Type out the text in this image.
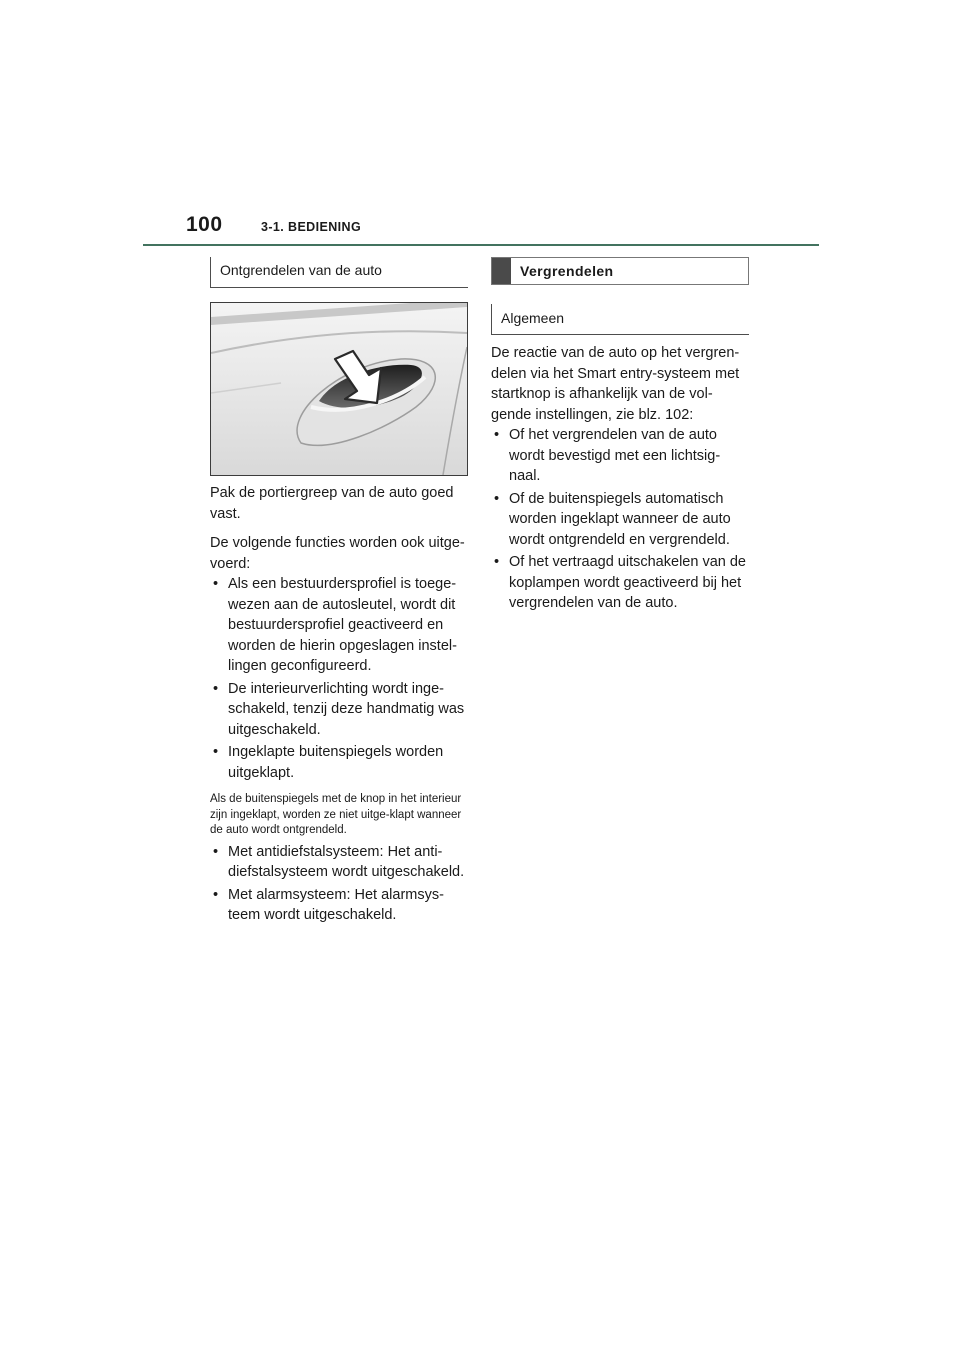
100	3-1. BEDIENING
Ontgrendelen van de auto

Pak de portiergreep van de auto goed vast.

De volgende functies worden ook uitge-voerd:

• Als een bestuurdersprofiel is toege-wezen aan de autosleutel, wordt dit bestuurdersprofiel geactiveerd en worden de hierin opgeslagen instel-lingen geconfigureerd.
• De interieurverlichting wordt inge-schakeld, tenzij deze handmatig was uitgeschakeld.
• Ingeklapte buitenspiegels worden uitgeklapt.

Als de buitenspiegels met de knop in het interieur zijn ingeklapt, worden ze niet uitge-klapt wanneer de auto wordt ontgrendeld.

• Met antidiefstalsysteem: Het anti-diefstalsysteem wordt uitgeschakeld.
• Met alarmsysteem: Het alarmsys-teem wordt uitgeschakeld.
Vergrendelen
Algemeen

De reactie van de auto op het vergren-delen via het Smart entry-systeem met startknop is afhankelijk van de vol-gende instellingen, zie blz. 102:

• Of het vergrendelen van de auto wordt bevestigd met een lichtsig-naal.
• Of de buitenspiegels automatisch worden ingeklapt wanneer de auto wordt ontgrendeld en vergrendeld.
• Of het vertraagd uitschakelen van de koplampen wordt geactiveerd bij het vergrendelen van de auto.
